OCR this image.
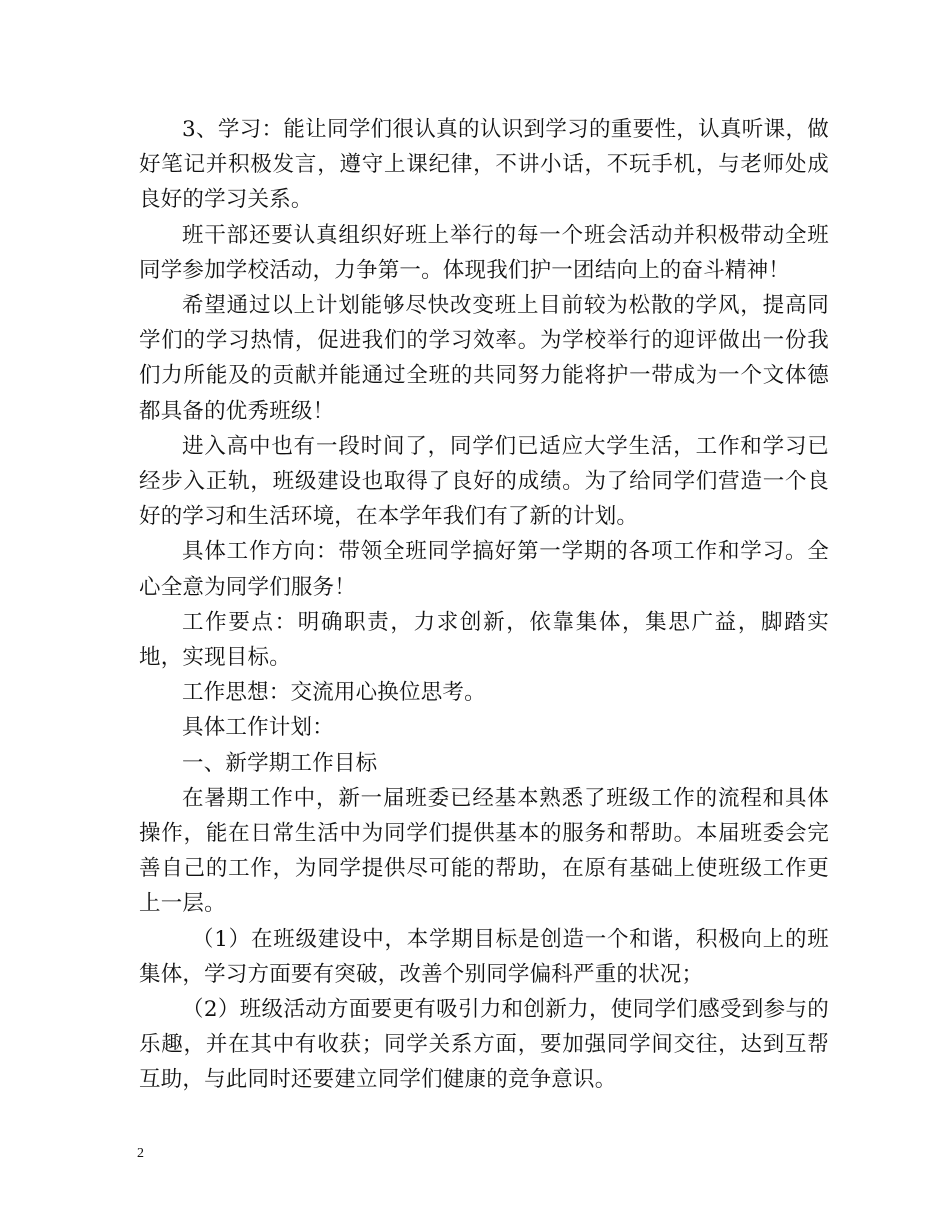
3、学习：能让同学们很认真的认识到学习的重要性，认真听课，做好笔记并积极发言，遵守上课纪律，不讲小话，不玩手机，与老师处成良好的学习关系。

班干部还要认真组织好班上举行的每一个班会活动并积极带动全班同学参加学校活动，力争第一。体现我们护一团结向上的奋斗精神！

希望通过以上计划能够尽快改变班上目前较为松散的学风，提高同学们的学习热情，促进我们的学习效率。为学校举行的迎评做出一份我们力所能及的贡献并能通过全班的共同努力能将护一带成为一个文体德都具备的优秀班级！

进入高中也有一段时间了，同学们已适应大学生活，工作和学习已经步入正轨，班级建设也取得了良好的成绩。为了给同学们营造一个良好的学习和生活环境，在本学年我们有了新的计划。

具体工作方向：带领全班同学搞好第一学期的各项工作和学习。全心全意为同学们服务！

工作要点：明确职责，力求创新，依靠集体，集思广益，脚踏实地，实现目标。

工作思想：交流用心换位思考。

具体工作计划：

一、新学期工作目标

在暑期工作中，新一届班委已经基本熟悉了班级工作的流程和具体操作，能在日常生活中为同学们提供基本的服务和帮助。本届班委会完善自己的工作，为同学提供尽可能的帮助，在原有基础上使班级工作更上一层。

（1）在班级建设中，本学期目标是创造一个和谐，积极向上的班集体，学习方面要有突破，改善个别同学偏科严重的状况；

（2）班级活动方面要更有吸引力和创新力，使同学们感受到参与的乐趣，并在其中有收获；同学关系方面，要加强同学间交往，达到互帮互助，与此同时还要建立同学们健康的竞争意识。

2
